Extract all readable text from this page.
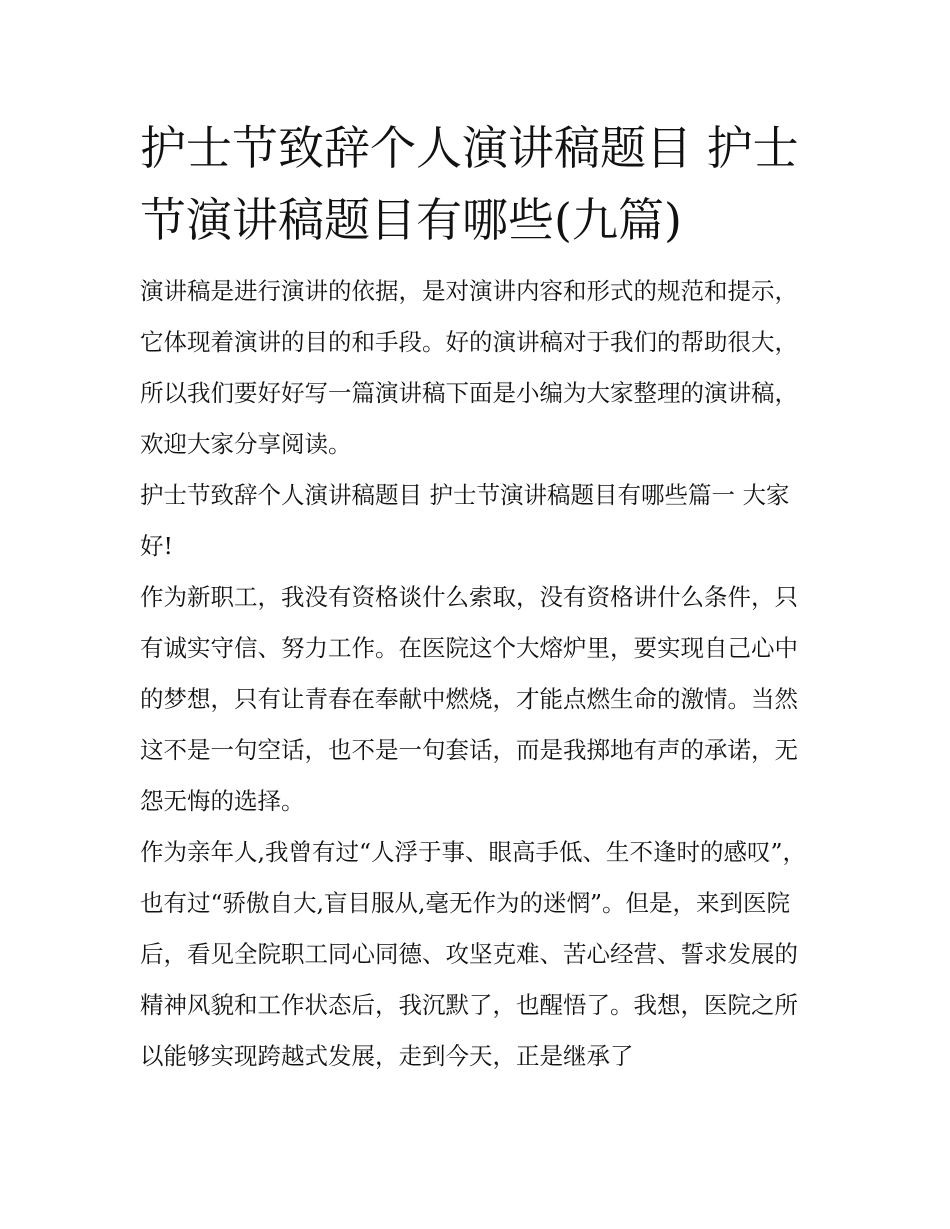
护士节致辞个人演讲稿题目 护士节演讲稿题目有哪些(九篇)

演讲稿是进行演讲的依据，是对演讲内容和形式的规范和提示，它体现着演讲的目的和手段。好的演讲稿对于我们的帮助很大，所以我们要好好写一篇演讲稿下面是小编为大家整理的演讲稿，欢迎大家分享阅读。

护士节致辞个人演讲稿题目 护士节演讲稿题目有哪些篇一 大家好!

作为新职工，我没有资格谈什么索取，没有资格讲什么条件，只有诚实守信、努力工作。在医院这个大熔炉里，要实现自己心中的梦想，只有让青春在奉献中燃烧，才能点燃生命的激情。当然这不是一句空话，也不是一句套话，而是我掷地有声的承诺，无怨无悔的选择。

作为亲年人,我曾有过“人浮于事、眼高手低、生不逢时的感叹”，也有过“骄傲自大,盲目服从,毫无作为的迷惘”。但是，来到医院后，看见全院职工同心同德、攻坚克难、苦心经营、誓求发展的精神风貌和工作状态后，我沉默了，也醒悟了。我想，医院之所以能够实现跨越式发展，走到今天，正是继承了
